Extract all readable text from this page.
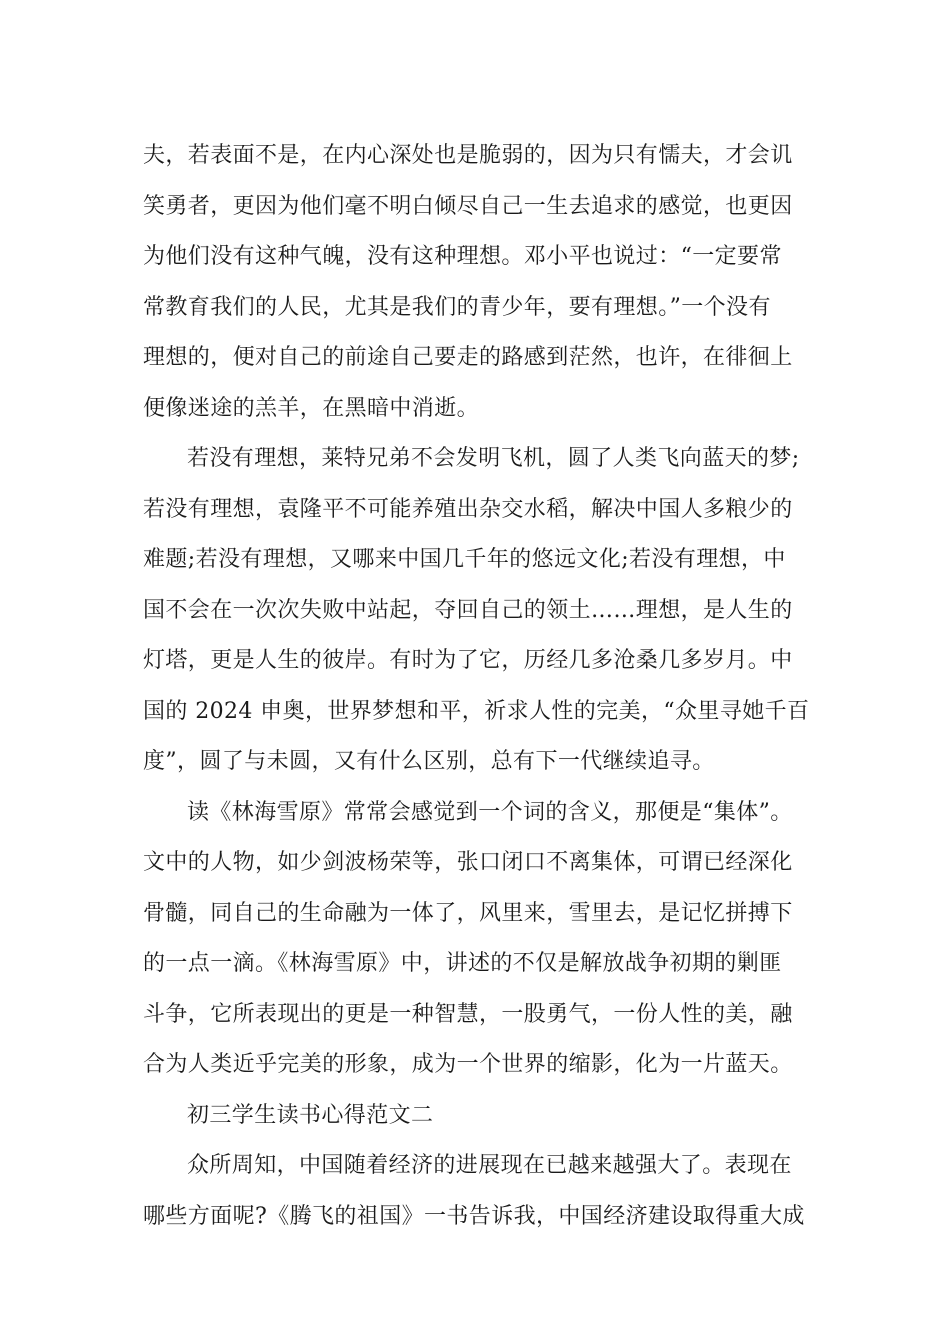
夫，若表面不是，在内心深处也是脆弱的，因为只有懦夫，才会讥
笑勇者，更因为他们毫不明白倾尽自己一生去追求的感觉，也更因
为他们没有这种气魄，没有这种理想。邓小平也说过：“一定要常
常教育我们的人民，尤其是我们的青少年，要有理想。”一个没有
理想的，便对自己的前途自己要走的路感到茫然，也许，在徘徊上
便像迷途的羔羊，在黑暗中消逝。
若没有理想，莱特兄弟不会发明飞机，圆了人类飞向蓝天的梦;
若没有理想，袁隆平不可能养殖出杂交水稻，解决中国人多粮少的
难题;若没有理想，又哪来中国几千年的悠远文化;若没有理想，中
国不会在一次次失败中站起，夺回自己的领土……理想，是人生的
灯塔，更是人生的彼岸。有时为了它，历经几多沧桑几多岁月。中
国的 2024 申奥，世界梦想和平，祈求人性的完美，“众里寻她千百
度”，圆了与未圆，又有什么区别，总有下一代继续追寻。
读《林海雪原》常常会感觉到一个词的含义，那便是“集体”。
文中的人物，如少剑波杨荣等，张口闭口不离集体，可谓已经深化
骨髓，同自己的生命融为一体了，风里来，雪里去，是记忆拼搏下
的一点一滴。《林海雪原》中，讲述的不仅是解放战争初期的剿匪
斗争，它所表现出的更是一种智慧，一股勇气，一份人性的美，融
合为人类近乎完美的形象，成为一个世界的缩影，化为一片蓝天。
初三学生读书心得范文二
众所周知，中国随着经济的进展现在已越来越强大了。表现在
哪些方面呢?《腾飞的祖国》一书告诉我，中国经济建设取得重大成
